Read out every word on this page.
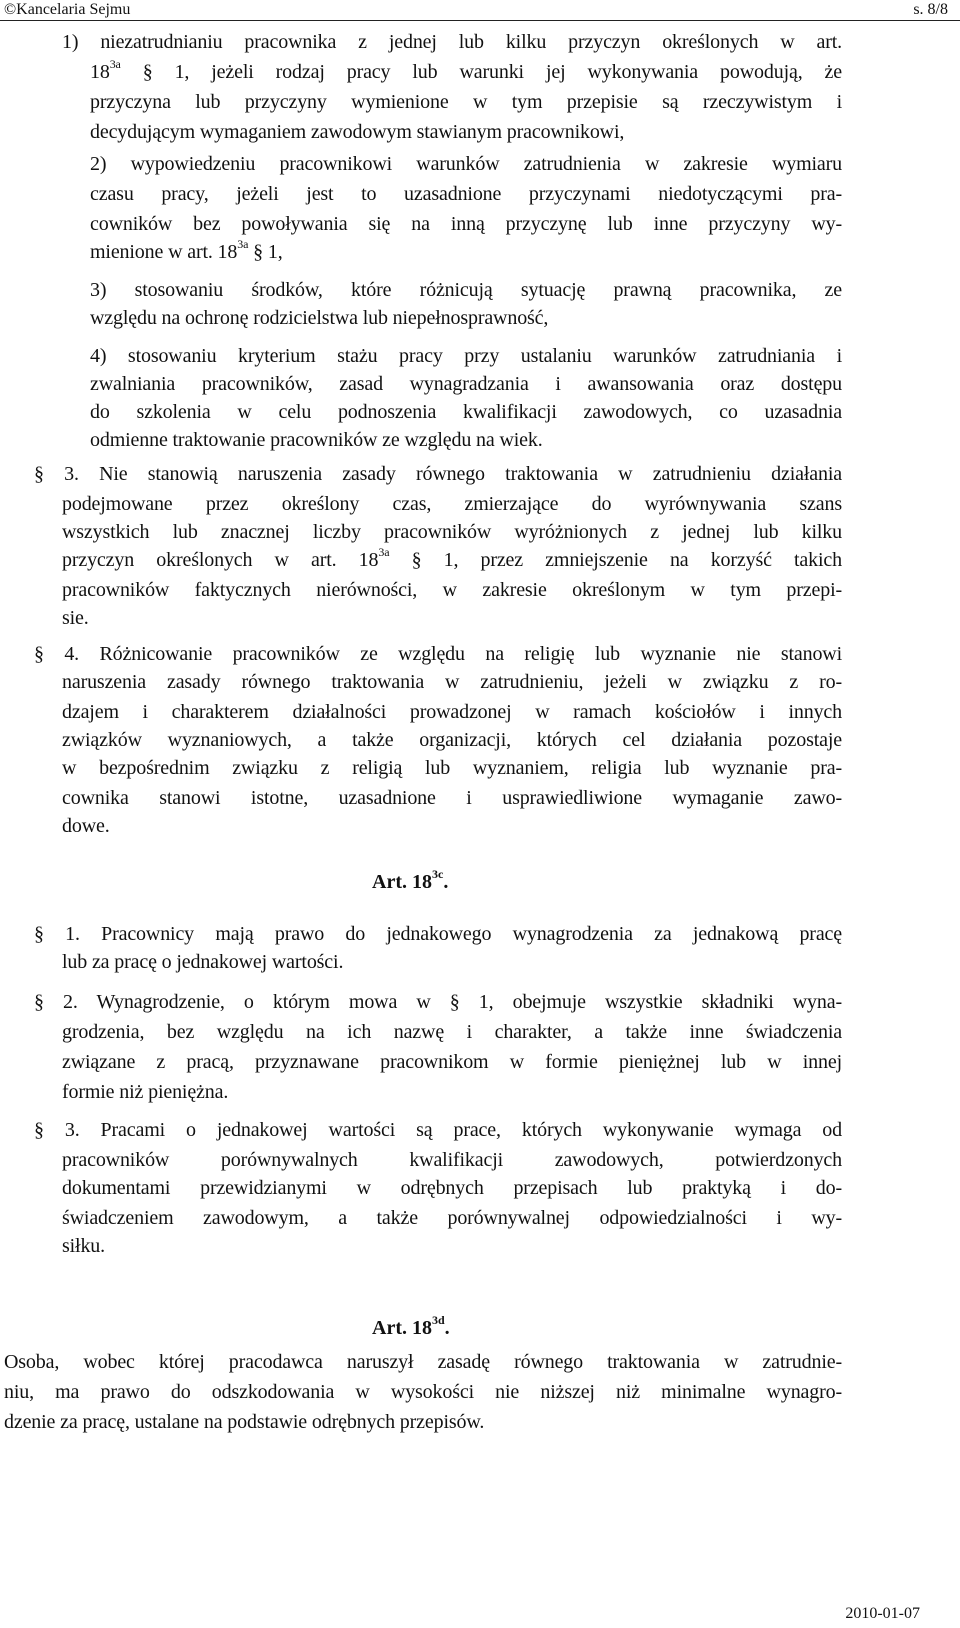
©Kancelaria Sejmu	s. 8/8
1) niezatrudnianiu pracownika z jednej lub kilku przyczyn określonych w art.
$18^{3a}$ § 1, jeżeli rodzaj pracy lub warunki jej wykonywania powodują, że
przyczyna lub przyczyny wymienione w tym przepisie są rzeczywistym i
decydującym wymaganiem zawodowym stawianym pracownikowi,
2) wypowiedzeniu pracownikowi warunków zatrudnienia w zakresie wymiaru
czasu pracy, jeżeli jest to uzasadnione przyczynami niedotyczącymi pra-
cowników bez powoływania się na inną przyczynę lub inne przyczyny wy-
mienione w art. $18^{3a}$ § 1,
3) stosowaniu środków, które różnicują sytuację prawną pracownika, ze
względu na ochronę rodzicielstwa lub niepełnosprawność,
4) stosowaniu kryterium stażu pracy przy ustalaniu warunków zatrudniania i
zwalniania pracowników, zasad wynagradzania i awansowania oraz dostępu
do szkolenia w celu podnoszenia kwalifikacji zawodowych, co uzasadnia
odmienne traktowanie pracowników ze względu na wiek.
§ 3. Nie stanowią naruszenia zasady równego traktowania w zatrudnieniu działania
podejmowane przez określony czas, zmierzające do wyrównywania szans
wszystkich lub znacznej liczby pracowników wyróżnionych z jednej lub kilku
przyczyn określonych w art. $18^{3a}$ § 1, przez zmniejszenie na korzyść takich
pracowników faktycznych nierówności, w zakresie określonym w tym przepi-
sie.
§ 4. Różnicowanie pracowników ze względu na religię lub wyznanie nie stanowi
naruszenia zasady równego traktowania w zatrudnieniu, jeżeli w związku z ro-
dzajem i charakterem działalności prowadzonej w ramach kościołów i innych
związków wyznaniowych, a także organizacji, których cel działania pozostaje
w bezpośrednim związku z religią lub wyznaniem, religia lub wyznanie pra-
cownika stanowi istotne, uzasadnione i usprawiedliwione wymaganie zawo-
dowe.
Art. $18^{3c}$.
§ 1. Pracownicy mają prawo do jednakowego wynagrodzenia za jednakową pracę
lub za pracę o jednakowej wartości.
§ 2. Wynagrodzenie, o którym mowa w § 1, obejmuje wszystkie składniki wyna-
grodzenia, bez względu na ich nazwę i charakter, a także inne świadczenia
związane z pracą, przyznawane pracownikom w formie pieniężnej lub w innej
formie niż pieniężna.
§ 3. Pracami o jednakowej wartości są prace, których wykonywanie wymaga od
pracowników porównywalnych kwalifikacji zawodowych, potwierdzonych
dokumentami przewidzianymi w odrębnych przepisach lub praktyką i do-
świadczeniem zawodowym, a także porównywalnej odpowiedzialności i wy-
siłku.
Art. $18^{3d}$.
Osoba, wobec której pracodawca naruszył zasadę równego traktowania w zatrudnie-
niu, ma prawo do odszkodowania w wysokości nie niższej niż minimalne wynagro-
dzenie za pracę, ustalane na podstawie odrębnych przepisów.
2010-01-07
